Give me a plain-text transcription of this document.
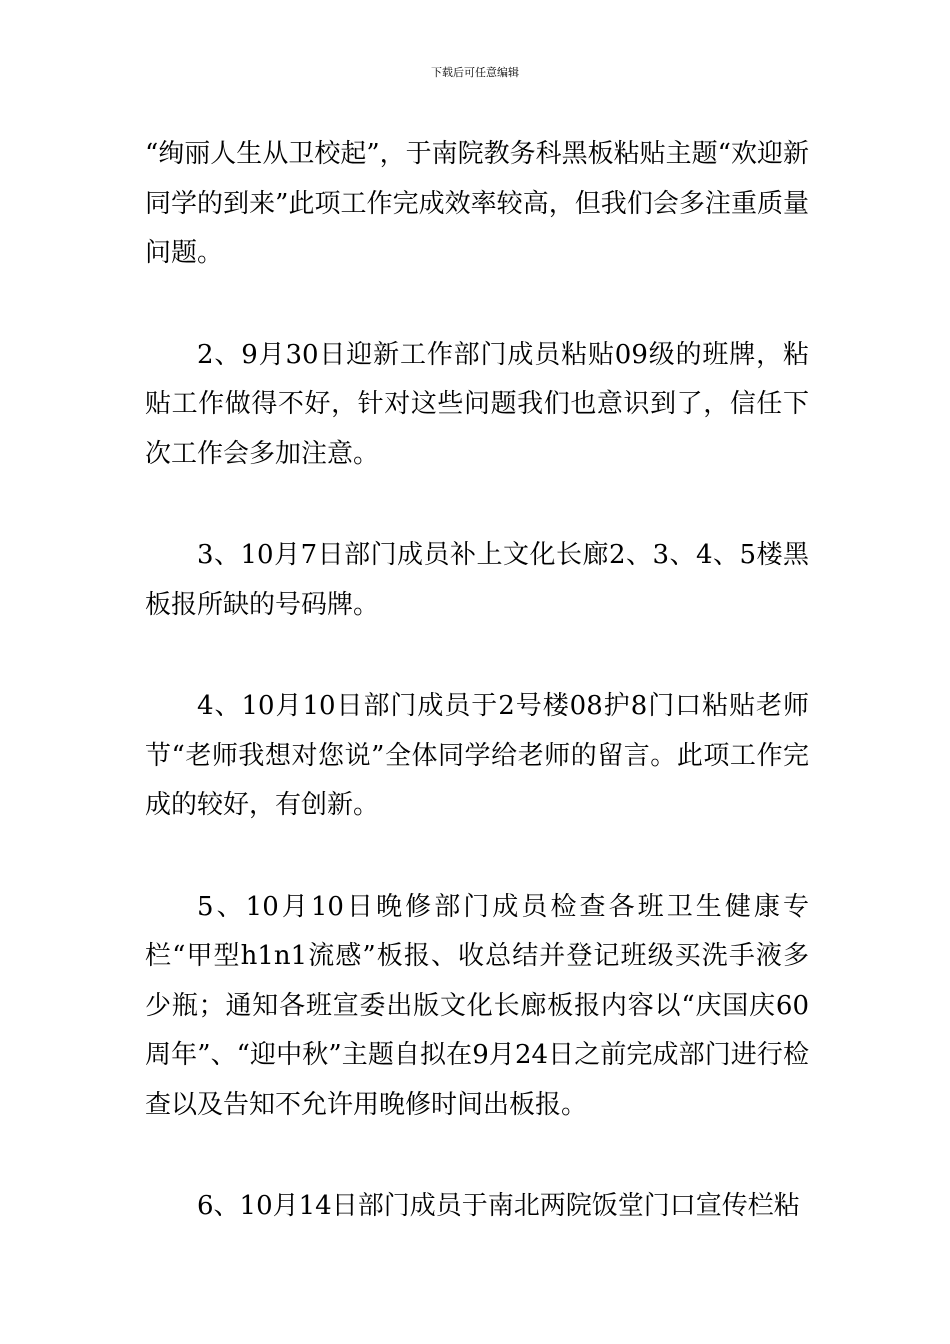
下载后可任意编辑

“绚丽人生从卫校起”，于南院教务科黑板粘贴主题“欢迎新同学的到来”此项工作完成效率较高，但我们会多注重质量问题。

2、9月30日迎新工作部门成员粘贴09级的班牌，粘贴工作做得不好，针对这些问题我们也意识到了，信任下次工作会多加注意。

3、10月7日部门成员补上文化长廊2、3、4、5楼黑板报所缺的号码牌。

4、10月10日部门成员于2号楼08护8门口粘贴老师节“老师我想对您说”全体同学给老师的留言。此项工作完成的较好，有创新。

5、10月10日晚修部门成员检查各班卫生健康专栏“甲型h1n1流感”板报、收总结并登记班级买洗手液多少瓶；通知各班宣委出版文化长廊板报内容以“庆国庆60周年”、“迎中秋”主题自拟在9月24日之前完成部门进行检查以及告知不允许用晚修时间出板报。

6、10月14日部门成员于南北两院饭堂门口宣传栏粘
